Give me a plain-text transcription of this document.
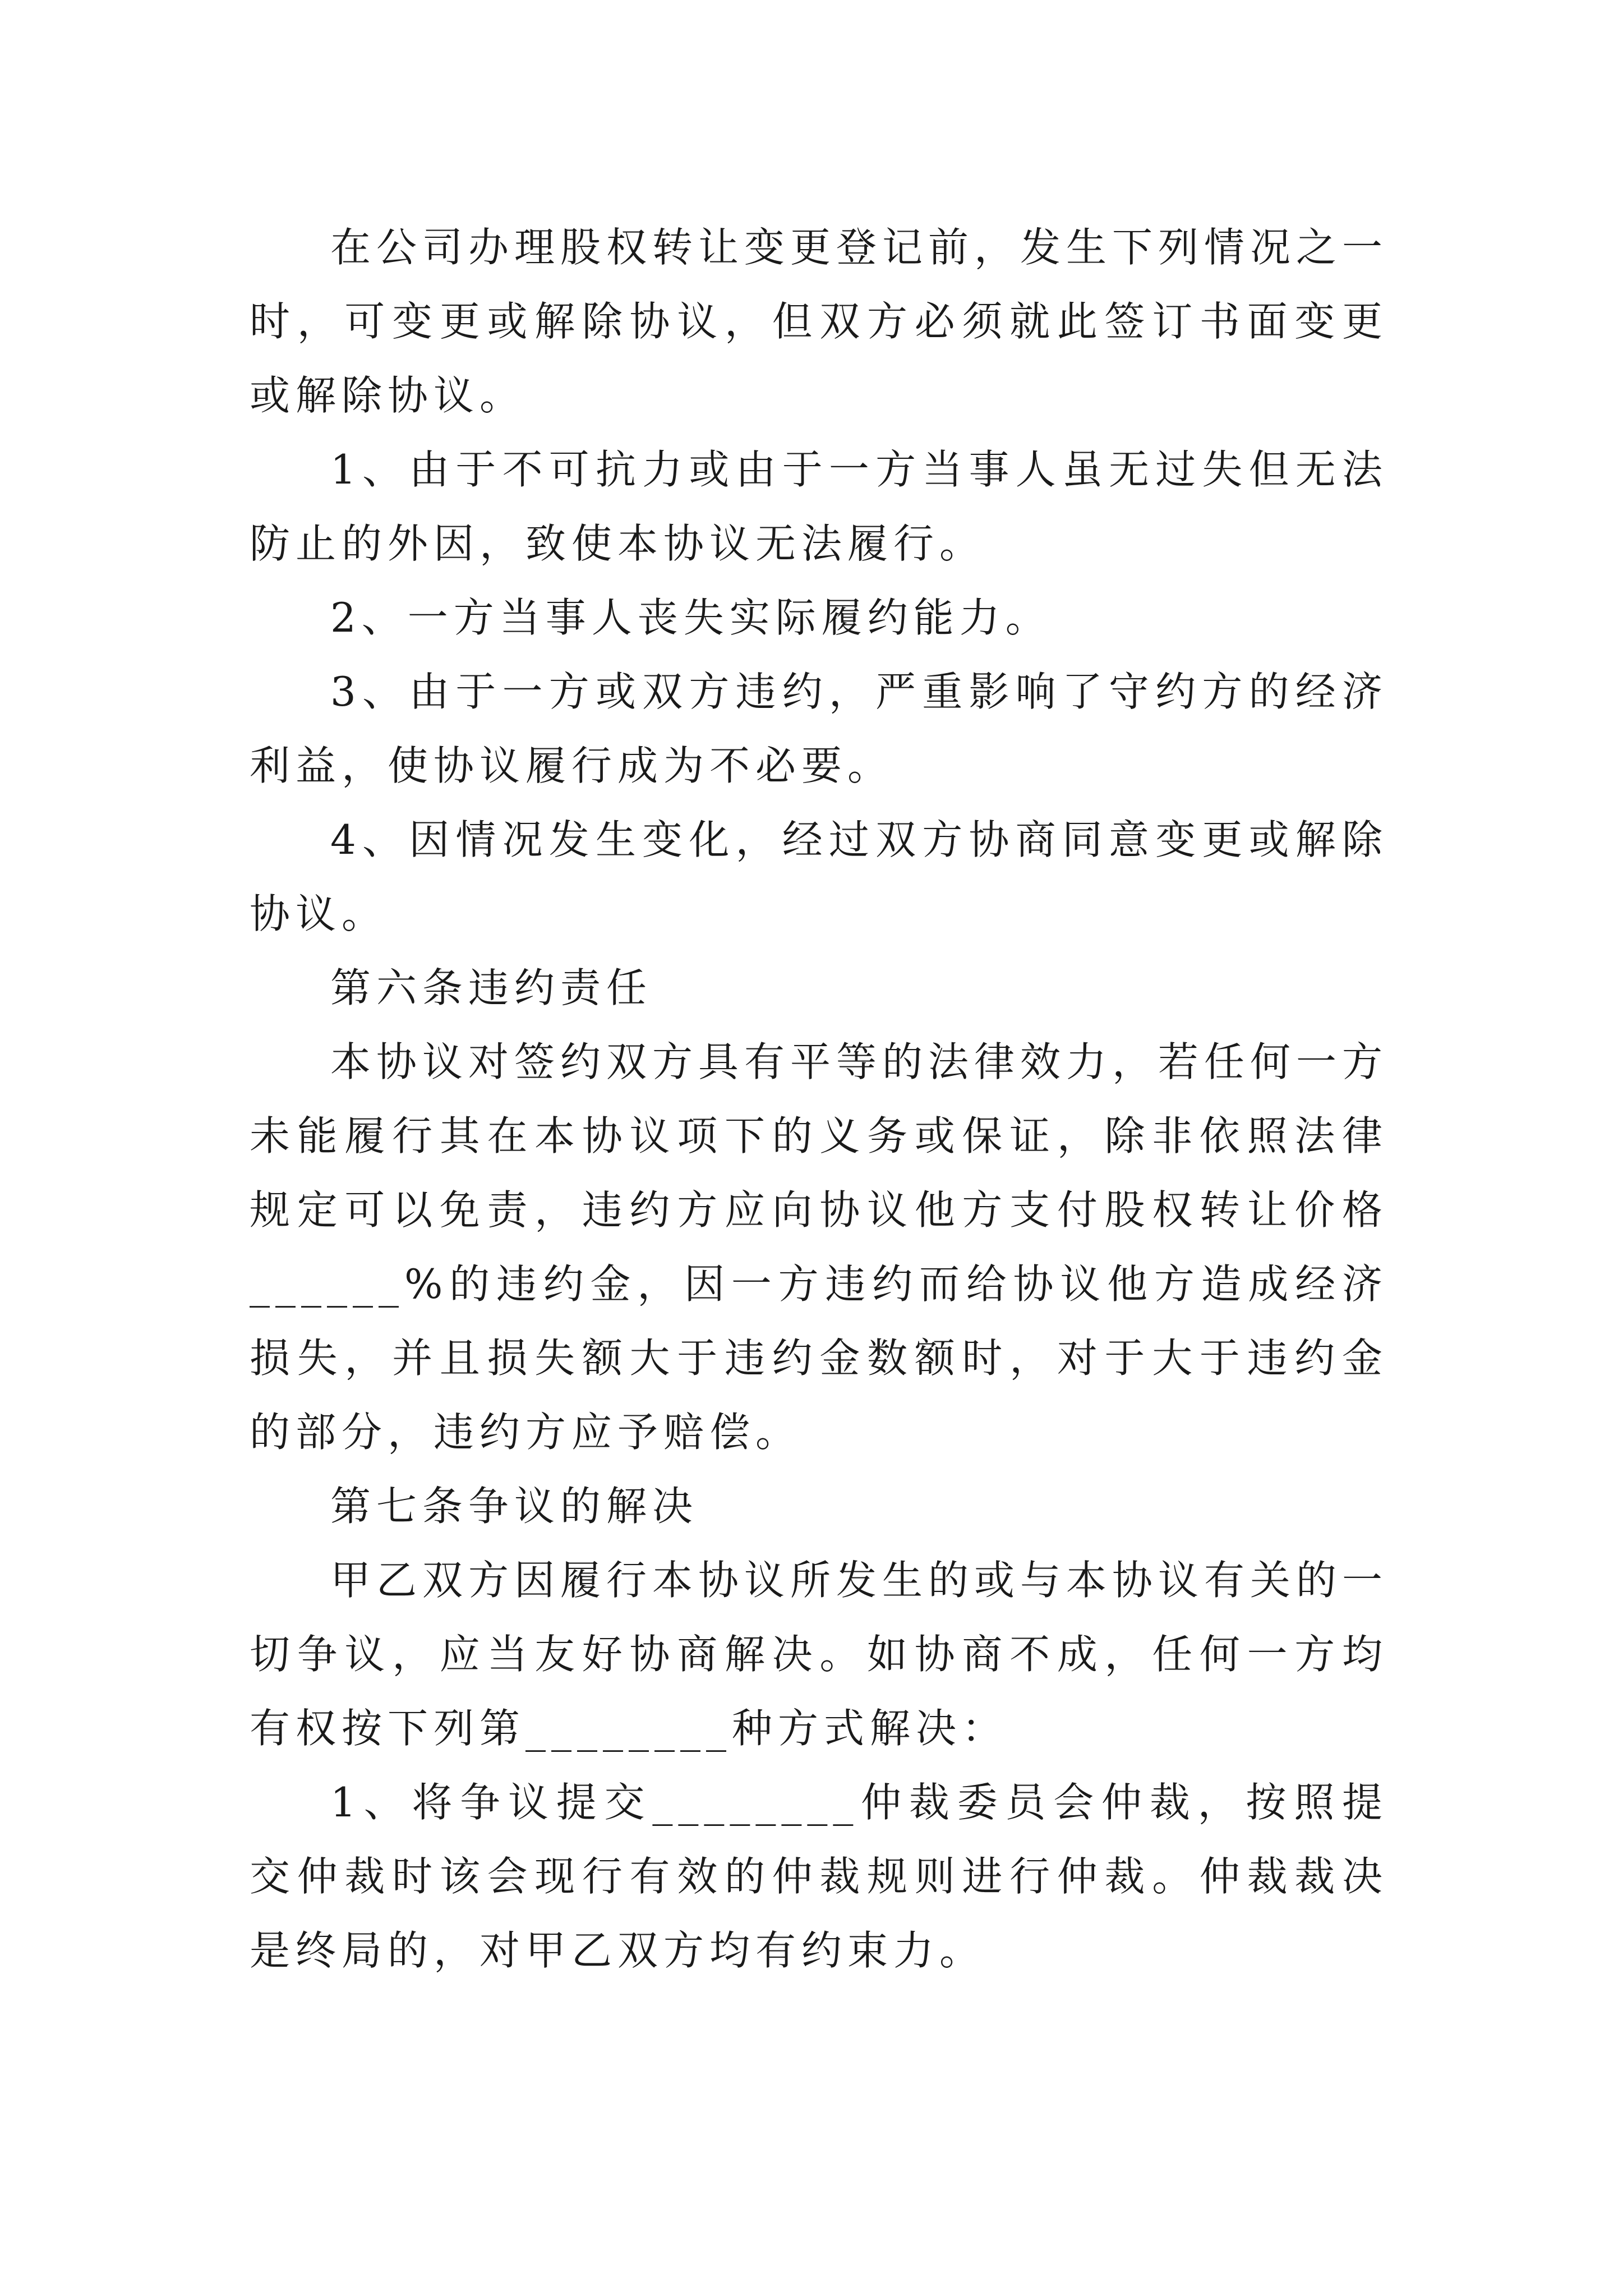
在公司办理股权转让变更登记前，发生下列情况之一时，可变更或解除协议，但双方必须就此签订书面变更或解除协议。

1、由于不可抗力或由于一方当事人虽无过失但无法防止的外因，致使本协议无法履行。

2、一方当事人丧失实际履约能力。

3、由于一方或双方违约，严重影响了守约方的经济利益，使协议履行成为不必要。

4、因情况发生变化，经过双方协商同意变更或解除协议。

第六条违约责任

本协议对签约双方具有平等的法律效力，若任何一方未能履行其在本协议项下的义务或保证，除非依照法律规定可以免责，违约方应向协议他方支付股权转让价格______%的违约金，因一方违约而给协议他方造成经济损失，并且损失额大于违约金数额时，对于大于违约金的部分，违约方应予赔偿。

第七条争议的解决

甲乙双方因履行本协议所发生的或与本协议有关的一切争议，应当友好协商解决。如协商不成，任何一方均有权按下列第________种方式解决：

1、将争议提交________仲裁委员会仲裁，按照提交仲裁时该会现行有效的仲裁规则进行仲裁。仲裁裁决是终局的，对甲乙双方均有约束力。
